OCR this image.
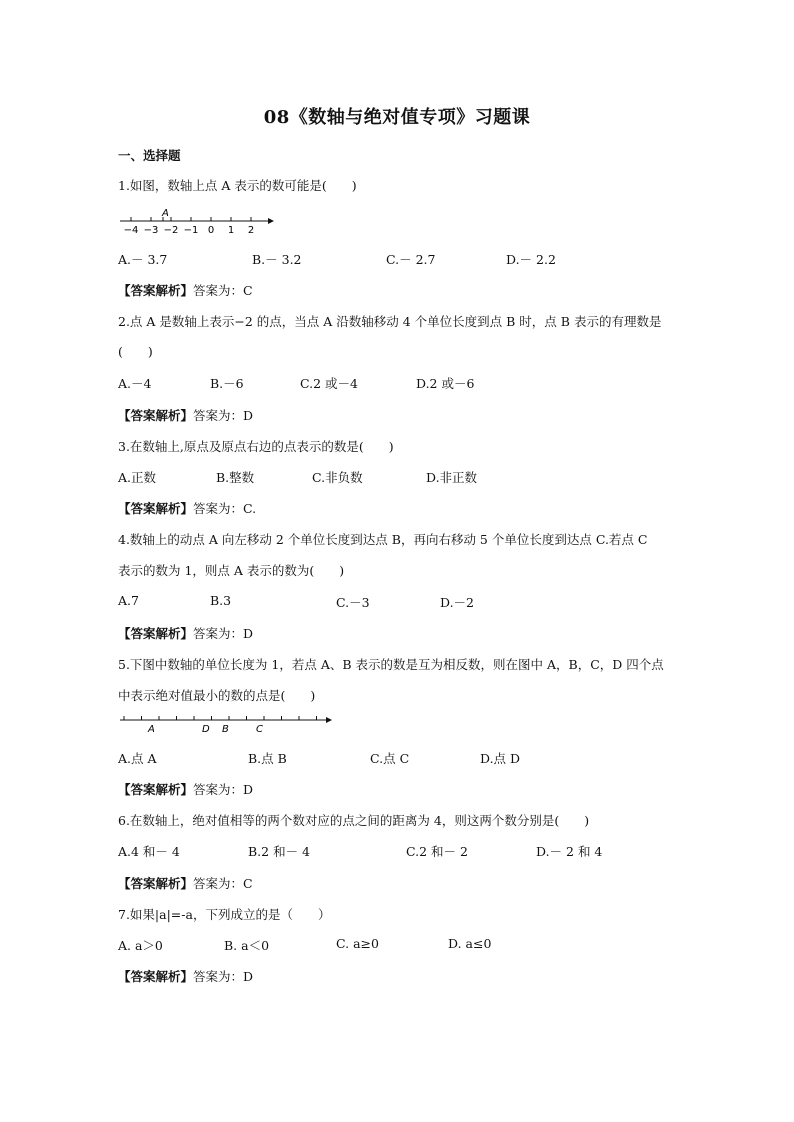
08《数轴与绝对值专项》习题课
一、选择题
1.如图，数轴上点 A 表示的数可能是(　　)
−4 −3 −2 −1 0 1 2
A
A.－ 3.7	B.－ 3.2	C.－ 2.7	D.－ 2.2
【答案解析】答案为：C
2.点 A 是数轴上表示−2 的点，当点 A 沿数轴移动 4 个单位长度到点 B 时，点 B 表示的有理数是
(　　)
A.－4	B.－6	C.2 或－4	D.2 或－6
【答案解析】答案为：D
3.在数轴上,原点及原点右边的点表示的数是(　　)
A.正数	B.整数	C.非负数	D.非正数
【答案解析】答案为：C.
4.数轴上的动点 A 向左移动 2 个单位长度到达点 B，再向右移动 5 个单位长度到达点 C.若点 C
表示的数为 1，则点 A 表示的数为(　　)
A.7	B.3	C.－3	D.－2
【答案解析】答案为：D
5.下图中数轴的单位长度为 1，若点 A、B 表示的数是互为相反数，则在图中 A，B，C，D 四个点
中表示绝对值最小的数的点是(　　)
A	D B	C
A.点 A	B.点 B	C.点 C	D.点 D
【答案解析】答案为：D
6.在数轴上，绝对值相等的两个数对应的点之间的距离为 4，则这两个数分别是(　　)
A.4 和－ 4	B.2 和－ 4	C.2 和－ 2	D.－ 2 和 4
【答案解析】答案为：C
7.如果|a|=-a，下列成立的是（　　）
A. a＞0	B. a＜0	C. a≥0	D. a≤0
【答案解析】答案为：D
